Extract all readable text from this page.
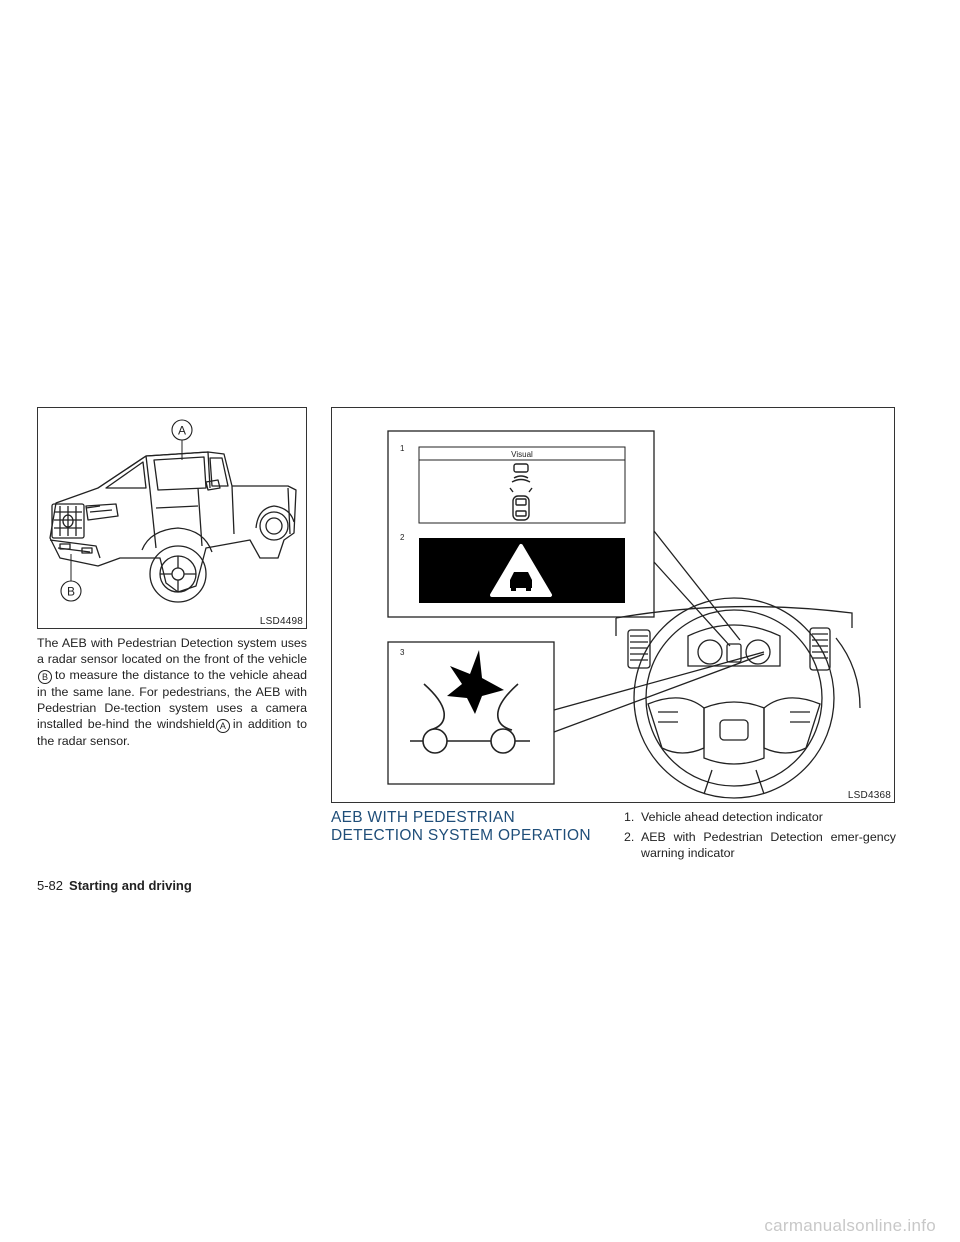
A
B
LSD4498

The AEB with Pedestrian Detection system uses a radar sensor located on the front of the vehicleB to measure the distance to the vehicle ahead in the same lane. For pedestrians, the AEB with Pedestrian De-tection system uses a camera installed be-hind the windshield A in addition to the radar sensor.

1
Visual
2
3
LSD4368
AEB WITH PEDESTRIAN
DETECTION SYSTEM OPERATION
1. Vehicle ahead detection indicator
2. AEB with Pedestrian Detection emer-gency warning indicator
5-82 Starting and driving
carmanualsonline.info
